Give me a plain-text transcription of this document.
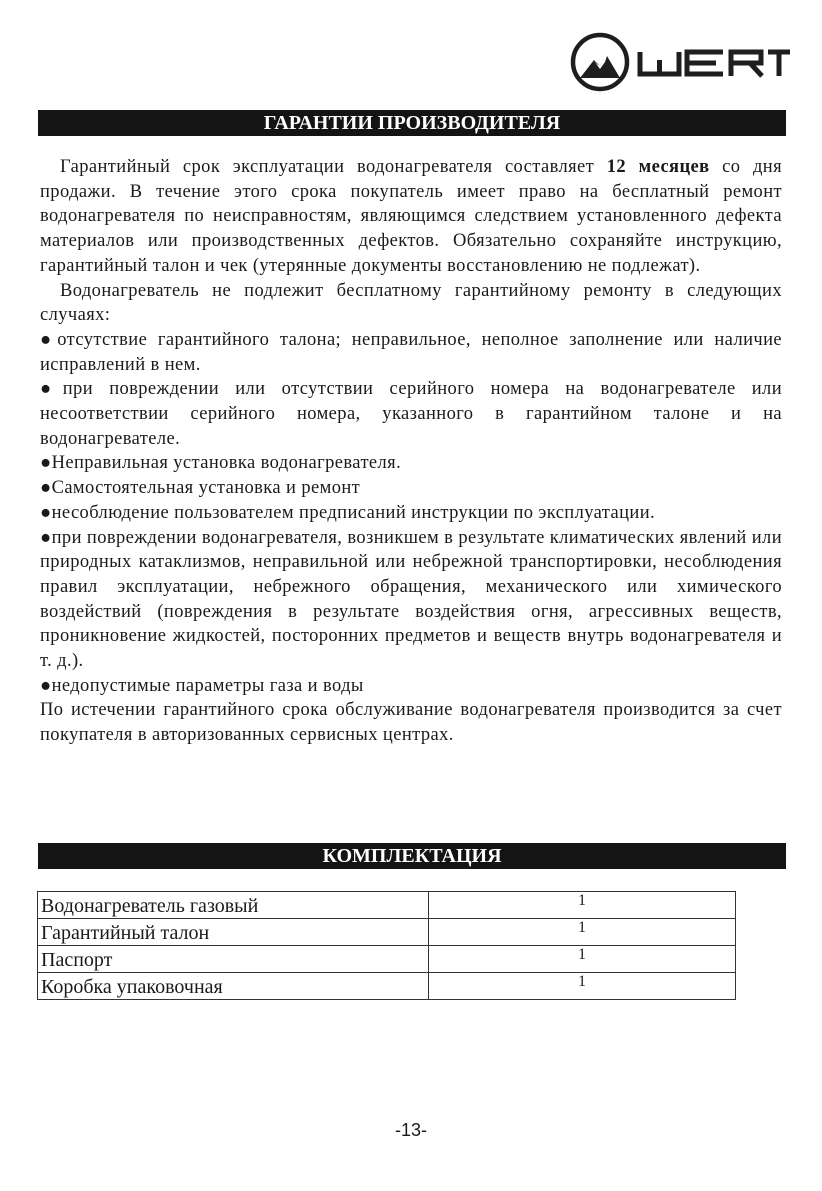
ГАРАНТИИ ПРОИЗВОДИТЕЛЯ

Гарантийный срок эксплуатации водонагревателя составляет 12 месяцев со дня продажи. В течение этого срока покупатель имеет право на бесплатный ремонт водонагревателя по неисправностям, являющимся следствием установленного дефекта материалов или производственных дефектов. Обязательно сохраняйте инструкцию, гарантийный талон и чек (утерянные документы восстановлению не подлежат).

Водонагреватель не подлежит бесплатному гарантийному ремонту в следующих случаях:

●отсутствие гарантийного талона; неправильное, неполное заполнение или наличие исправлений в нем.

●при повреждении или отсутствии серийного номера на водонагревателе или несоответствии серийного номера, указанного в гарантийном талоне и на водонагревателе.

●Неправильная установка водонагревателя.

●Самостоятельная установка и ремонт

●несоблюдение пользователем предписаний инструкции по эксплуатации.

●при повреждении водонагревателя, возникшем в результате климатических явлений или природных катаклизмов, неправильной или небрежной транспортировки, несоблюдения правил эксплуатации, небрежного обращения, механического или химического воздействий (повреждения в результате воздействия огня, агрессивных веществ, проникновение жидкостей, посторонних предметов и веществ внутрь водонагревателя и т. д.).

●недопустимые параметры газа и воды

По истечении гарантийного срока обслуживание водонагревателя производится за счет покупателя в авторизованных сервисных центрах.

КОМПЛЕКТАЦИЯ
Водонагреватель газовый	1
Гарантийный талон	1
Паспорт	1
Коробка упаковочная	1
-13-
